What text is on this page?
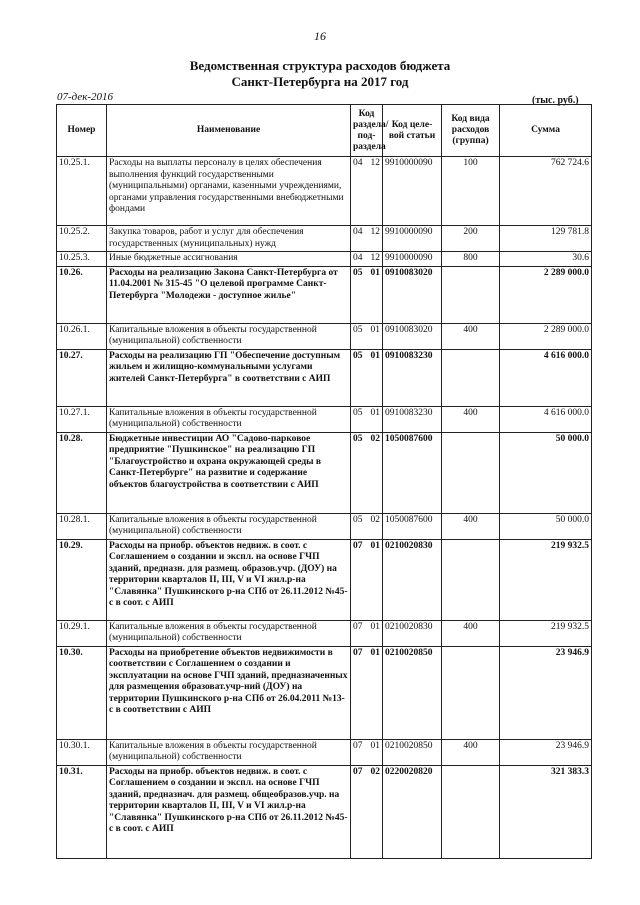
16
Ведомственная структура расходов бюджета
Санкт-Петербурга на 2017 год
07-дек-2016	(тыс. руб.)
Номер	Наименование	Код раздела/ под-раздела		Код целе-вой статьи	Код вида расходов (группа)	Сумма
10.25.1.	Расходы на выплаты персоналу в целях обеспечения выполнения функций государственными (муниципальными) органами, казенными учреждениями, органами управления государственными внебюджетными фондами	04	12	9910000090	100	762 724.6
10.25.2.	Закупка товаров, работ и услуг для обеспечения государственных (муниципальных) нужд	04	12	9910000090	200	129 781.8
10.25.3.	Иные бюджетные ассигнования	04	12	9910000090	800	30.6
10.26.	Расходы на реализацию Закона Санкт-Петербурга от 11.04.2001 № 315-45 "О целевой программе Санкт-Петербурга "Молодежи - доступное жилье"	05	01	0910083020		2 289 000.0
10.26.1.	Капитальные вложения в объекты государственной (муниципальной) собственности	05	01	0910083020	400	2 289 000.0
10.27.	Расходы на реализацию ГП "Обеспечение доступным жильем и жилищно-коммунальными услугами жителей Санкт-Петербурга" в соответствии с АИП	05	01	0910083230		4 616 000.0
10.27.1.	Капитальные вложения в объекты государственной (муниципальной) собственности	05	01	0910083230	400	4 616 000.0
10.28.	Бюджетные инвестиции АО "Садово-парковое предприятие "Пушкинское" на реализацию ГП "Благоустройство и охрана окружающей среды в Санкт-Петербурге" на развитие и содержание объектов благоустройства в соответствии с АИП	05	02	1050087600		50 000.0
10.28.1.	Капитальные вложения в объекты государственной (муниципальной) собственности	05	02	1050087600	400	50 000.0
10.29.	Расходы на приобр. объектов недвиж. в соот. с Соглашением о создании и экспл. на основе ГЧП зданий, предназн. для размещ. образов.учр. (ДОУ) на территории кварталов II, III, V и VI жил.р-на "Славянка" Пушкинского р-на СПб от 26.11.2012 №45-с в соот. с АИП	07	01	0210020830		219 932.5
10.29.1.	Капитальные вложения в объекты государственной (муниципальной) собственности	07	01	0210020830	400	219 932.5
10.30.	Расходы на приобретение объектов недвижимости в соответствии с Соглашением о создании и эксплуатации на основе ГЧП зданий, предназначенных для размещения образоват.учр-ний (ДОУ) на территории Пушкинского р-на СПб от 26.04.2011 №13-с в соответствии с АИП	07	01	0210020850		23 946.9
10.30.1.	Капитальные вложения в объекты государственной (муниципальной) собственности	07	01	0210020850	400	23 946.9
10.31.	Расходы на приобр. объектов недвиж. в соот. с Соглашением о создании и экспл. на основе ГЧП зданий, предназнач. для размещ. общеобразов.учр. на территории кварталов II, III, V и VI жил.р-на "Славянка" Пушкинского р-на СПб от 26.11.2012 №45-с в соот. с АИП	07	02	0220020820		321 383.3
